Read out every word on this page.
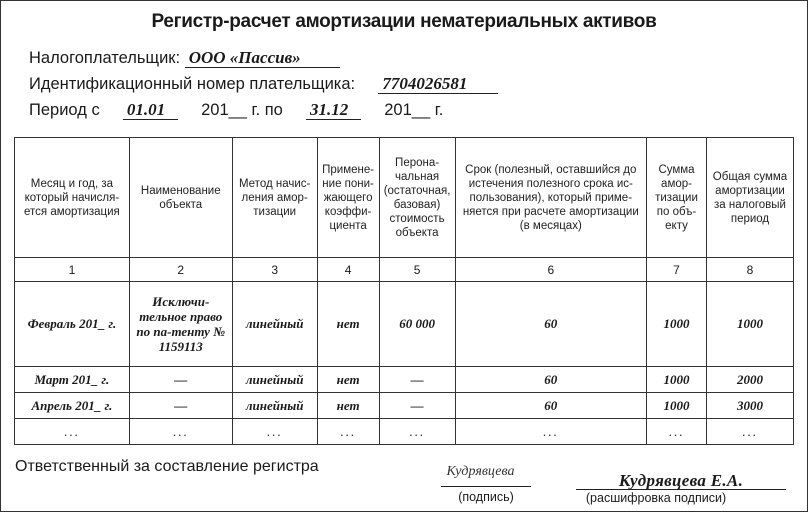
Регистр-расчет амортизации нематериальных активов
Налогоплательщик: ООО «Пассив»
Идентификационный номер плательщика: 7704026581
Период с 01.01 201__ г. по 31.12 201__ г.
Месяц и год, за который начисля-ется амортизация	Наименование объекта	Метод начис-ления амор-тизации	Примене-ние пони-жающего коэффи-циента	Перона-чальная (остаточная, базовая) стоимость объекта	Срок (полезный, оставшийся до истечения полезного срока ис-пользования), который приме-няется при расчете амортизации (в месяцах)	Сумма амор-тизации по объ-екту	Общая сумма амортизации за налоговый период
1	2	3	4	5	6	7	8
Февраль 201_ г.	Исключи-тельное право по па-тенту № 1159113	линейный	нет	60 000	60	1000	1000
Март 201_ г.	—	линейный	нет	—	60	1000	2000
Апрель 201_ г.	—	линейный	нет	—	60	1000	3000
...	...	...	...	...	...	...	...
Ответственный за составление регистра	Кудрявцева
(подпись)
Кудрявцева Е.А.
(расшифровка подписи)
